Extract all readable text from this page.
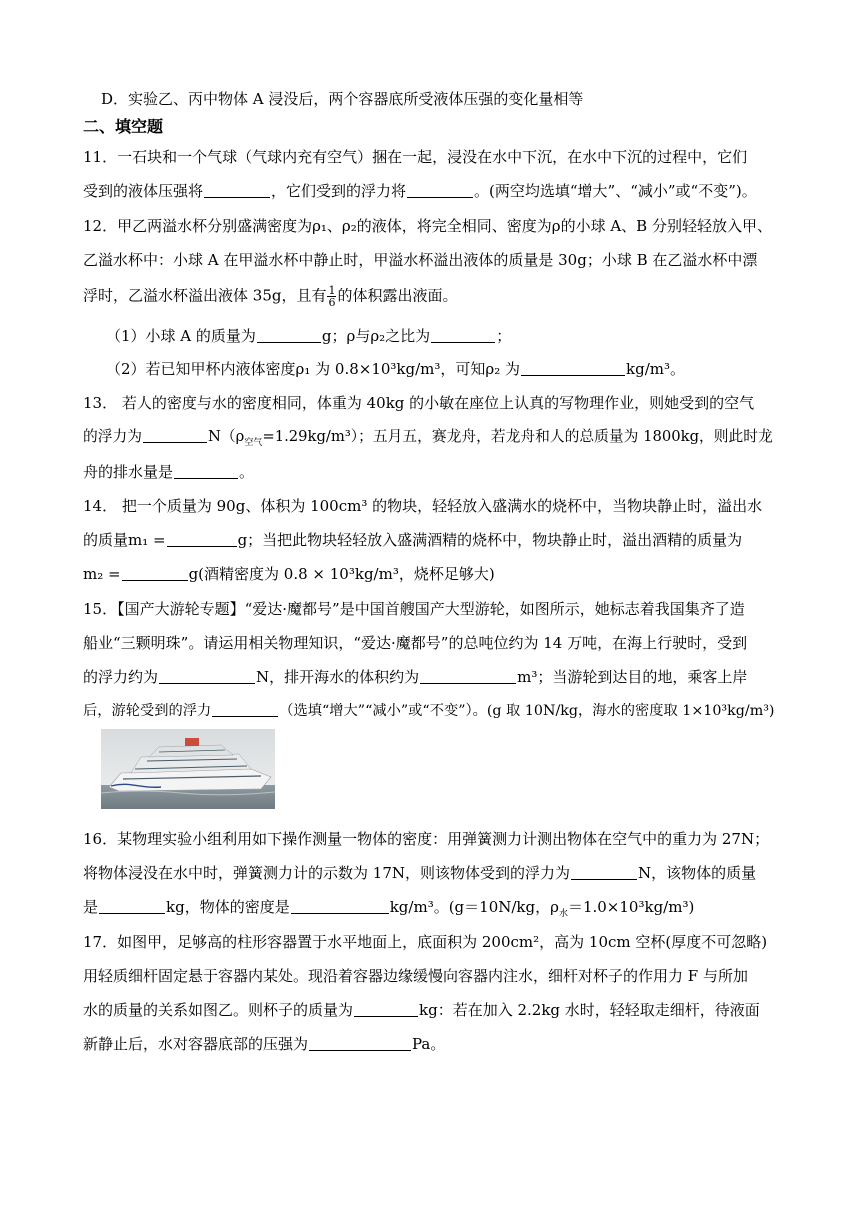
D．实验乙、丙中物体 A 浸没后，两个容器底所受液体压强的变化量相等
二、填空题
11．一石块和一个气球（气球内充有空气）捆在一起，浸没在水中下沉，在水中下沉的过程中，它们
受到的液体压强将	，它们受到的浮力将	。(两空均选填“增大”、“减小”或“不变”)。
12．甲乙两溢水杯分别盛满密度为ρ₁、ρ₂的液体，将完全相同、密度为ρ的小球 A、B 分别轻轻放入甲、
乙溢水杯中：小球 A 在甲溢水杯中静止时，甲溢水杯溢出液体的质量是 30g；小球 B 在乙溢水杯中漂
浮时，乙溢水杯溢出液体 35g，且有 $\frac{1}{6}$ 的体积露出液面。
（1）小球 A 的质量为	g；ρ与ρ₂之比为	；
（2）若已知甲杯内液体密度ρ₁ 为 0.8×10³kg/m³，可知ρ₂ 为	kg/m³。
13． 若人的密度与水的密度相同，体重为 40kg 的小敏在座位上认真的写物理作业，则她受到的空气
的浮力为	$N(\rho_{空气}=1.29kg/m^3)$；五月五，赛龙舟，若龙舟和人的总质量为 1800kg，则此时龙
舟的排水量是	。
14． 把一个质量为 90g、体积为 100cm³ 的物块，轻轻放入盛满水的烧杯中，当物块静止时，溢出水
的质量m₁ =	g；当把此物块轻轻放入盛满酒精的烧杯中，物块静止时，溢出酒精的质量为
m₂ =	g(酒精密度为 0.8 × 10³kg/m³，烧杯足够大)
15．【国产大游轮专题】“爱达·魔都号”是中国首艘国产大型游轮，如图所示，她标志着我国集齐了造
船业“三颗明珠”。请运用相关物理知识，“爱达·魔都号”的总吨位约为 14 万吨，在海上行驶时，受到
的浮力约为	N，排开海水的体积约为	m³；当游轮到达目的地，乘客上岸
后，游轮受到的浮力	（选填“增大”“减小”或“不变”）。(g 取 10N/kg，海水的密度取 1×10³kg/m³)
16．某物理实验小组利用如下操作测量一物体的密度：用弹簧测力计测出物体在空气中的重力为 27N；
将物体浸没在水中时，弹簧测力计的示数为 17N，则该物体受到的浮力为	N，该物体的质量
是	kg，物体的密度是	kg/m³。(g＝10N/kg，$\rho_水=1.0\times 10^3kg/m^3$)
17．如图甲，足够高的柱形容器置于水平地面上，底面积为 200cm²，高为 10cm 空杯(厚度不可忽略)
用轻质细杆固定悬于容器内某处。现沿着容器边缘缓慢向容器内注水，细杆对杯子的作用力 F 与所加
水的质量的关系如图乙。则杯子的质量为	kg：若在加入 2.2kg 水时，轻轻取走细杆，待液面
新静止后，水对容器底部的压强为	Pa。
